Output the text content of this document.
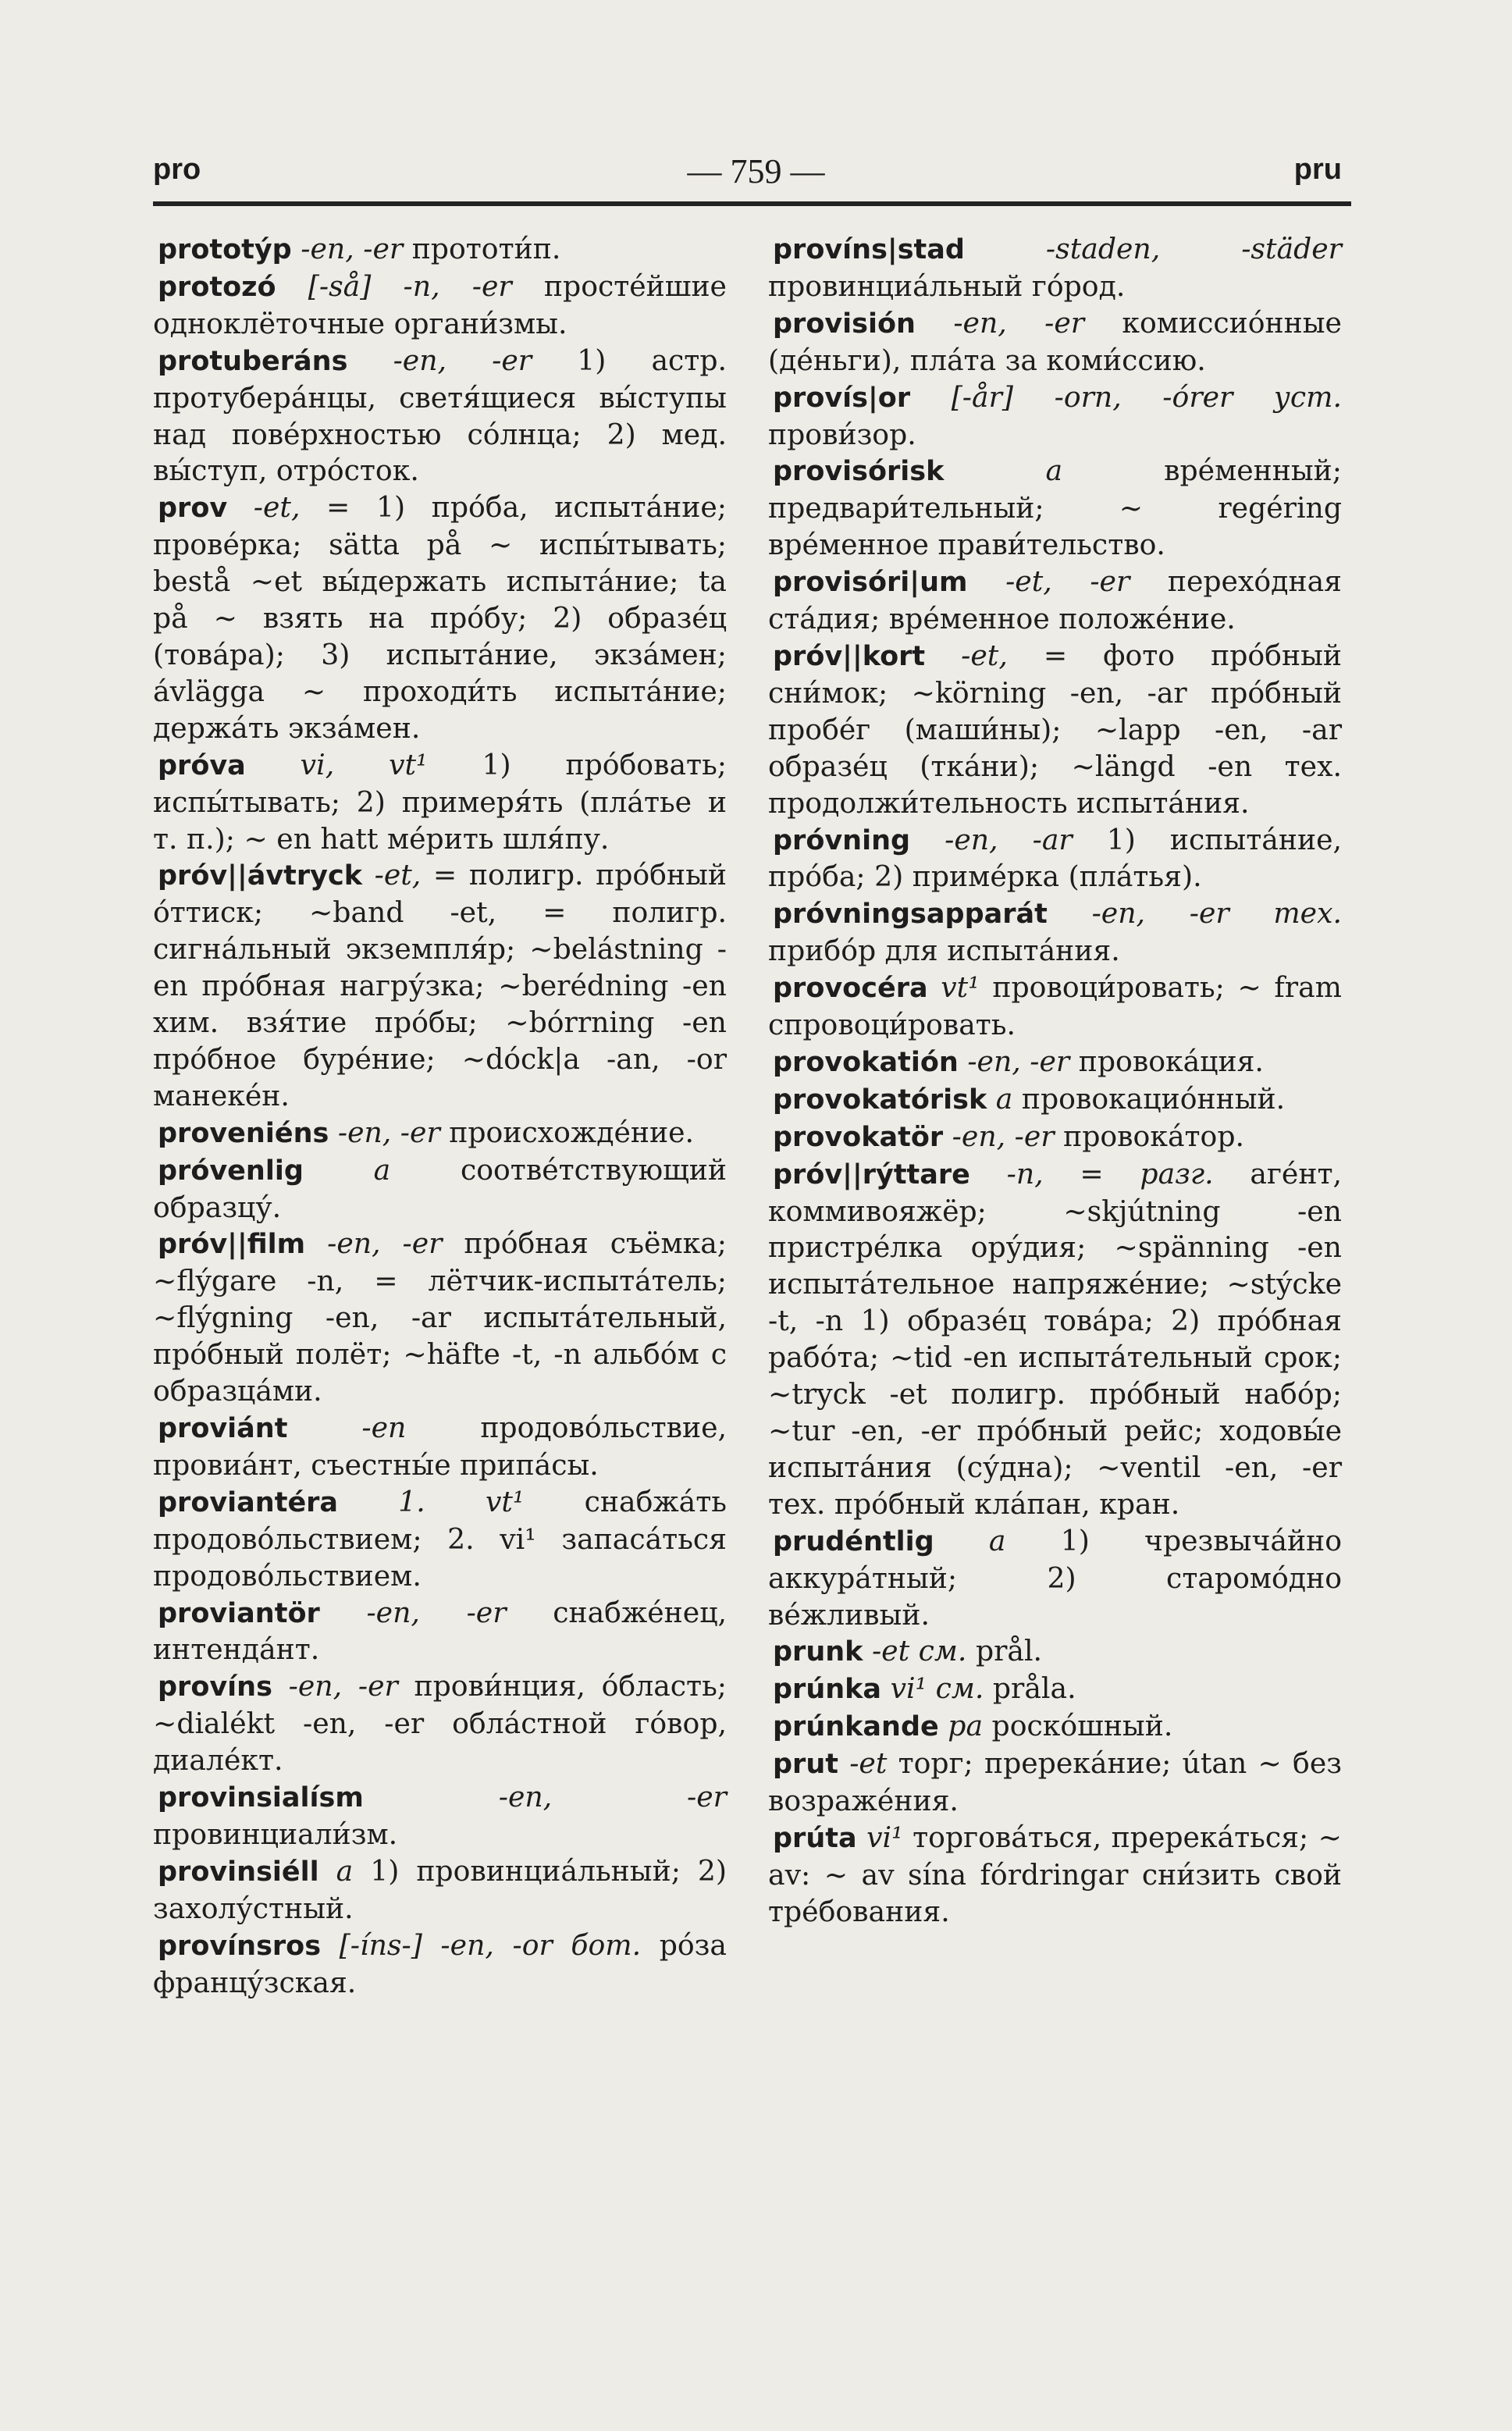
pro	— 759 —	pru

prototýp -en, -er прототи́п.

protozó [-så] -n, -er просте́йшие одноклёточные органи́змы.

protuberáns -en, -er 1) астр. протубера́нцы, светя́щиеся вы́ступы над пове́рхностью со́лнца; 2) мед. вы́ступ, отро́сток.

prov -et, = 1) про́ба, испыта́ние; прове́рка; sätta på ~ испы́тывать; bestå ~et вы́держать испыта́ние; ta på ~ взять на про́бу; 2) образе́ц (това́ра); 3) испыта́ние, экза́мен; ávlägga ~ проходи́ть испыта́ние; держа́ть экза́мен.

próva vi, vt¹ 1) про́бовать; испы́тывать; 2) примеря́ть (пла́тье и т. п.); ~ en hatt ме́рить шля́пу.

próv||ávtryck -et, = полигр. про́бный о́ттиск; ~band -et, = полигр. сигна́льный экземпля́р; ~belástning -en про́бная нагру́зка; ~berédning -en хим. взя́тие про́бы; ~bórrning -en про́бное буре́ние; ~dóck|a -an, -or манеке́н.

proveniéns -en, -er происхожде́ние.

próvenlig a соотве́тствующий образцу́.

próv||film -en, -er про́бная съёмка; ~flýgare -n, = лётчик-испыта́тель; ~flýgning -en, -ar испыта́тельный, про́бный полёт; ~häfte -t, -n альбо́м с образца́ми.

proviánt	-en	продово́льствие, провиа́нт, съестны́е припа́сы.

proviantéra 1. vt¹ снабжа́ть продово́льствием; 2. vi¹ запаса́ться продово́льствием.

proviantör -en, -er снабже́нец, интенда́нт.

províns -en, -er прови́нция, о́бласть; ~dialékt -en, -er обла́стной го́вор, диале́кт.

provinsialísm	-en, -er провинциали́зм.

provinsiéll a 1) провинциа́льный; 2) захолу́стный.

provínsros [-íns-] -en, -or бот. ро́за францу́зская.

províns|stad	-staden, -städer провинциа́льный го́род.

provisión -en, -er комиссио́нные (де́ньги), пла́та за коми́ссию.

provís|or [-år] -orn, -órer уст. прови́зор.

provisórisk	a	вре́менный; предвари́тельный; ~ regéring вре́менное прави́тельство.

provisóri|um -et, -er перехо́дная ста́дия; вре́менное положе́ние.

próv||kort -et, = фото про́бный сни́мок; ~körning -en, -ar про́бный пробе́г (маши́ны); ~lapp -en, -ar образе́ц (тка́ни); ~längd -en тех. продолжи́тельность испыта́ния.

próvning -en, -ar 1) испыта́ние, про́ба; 2) приме́рка (пла́тья).

próvningsapparát -en, -er тех. прибо́р для испыта́ния.

provocéra vt¹ провоци́ровать; ~ fram спровоци́ровать.

provokatión -en, -er провока́ция.

provokatórisk a провокацио́нный.

provokatör -en, -er провока́тор.

próv||rýttare -n, = разг. аге́нт, коммивояжёр; ~skjútning -en пристре́лка ору́дия; ~spänning -en испыта́тельное напряже́ние; ~stýcke -t, -n 1) образе́ц това́ра; 2) про́бная рабо́та; ~tid -en испыта́тельный срок; ~tryck -et полигр. про́бный набо́р; ~tur -en, -er про́бный рейс; ходовы́е испыта́ния (су́дна); ~ventil -en, -er тех. про́бный кла́пан, кран.

prudéntlig a 1) чрезвыча́йно аккура́тный; 2) старомо́дно ве́жливый.

prunk -et см. prål.

prúnka vi¹ см. pråla.

prúnkande pa роско́шный.

prut -et торг; пререка́ние; útan ~ без возраже́ния.

prúta vi¹ торгова́ться, пререка́ться; ~ av: ~ av sína fórdringar сни́зить свой тре́бования.
